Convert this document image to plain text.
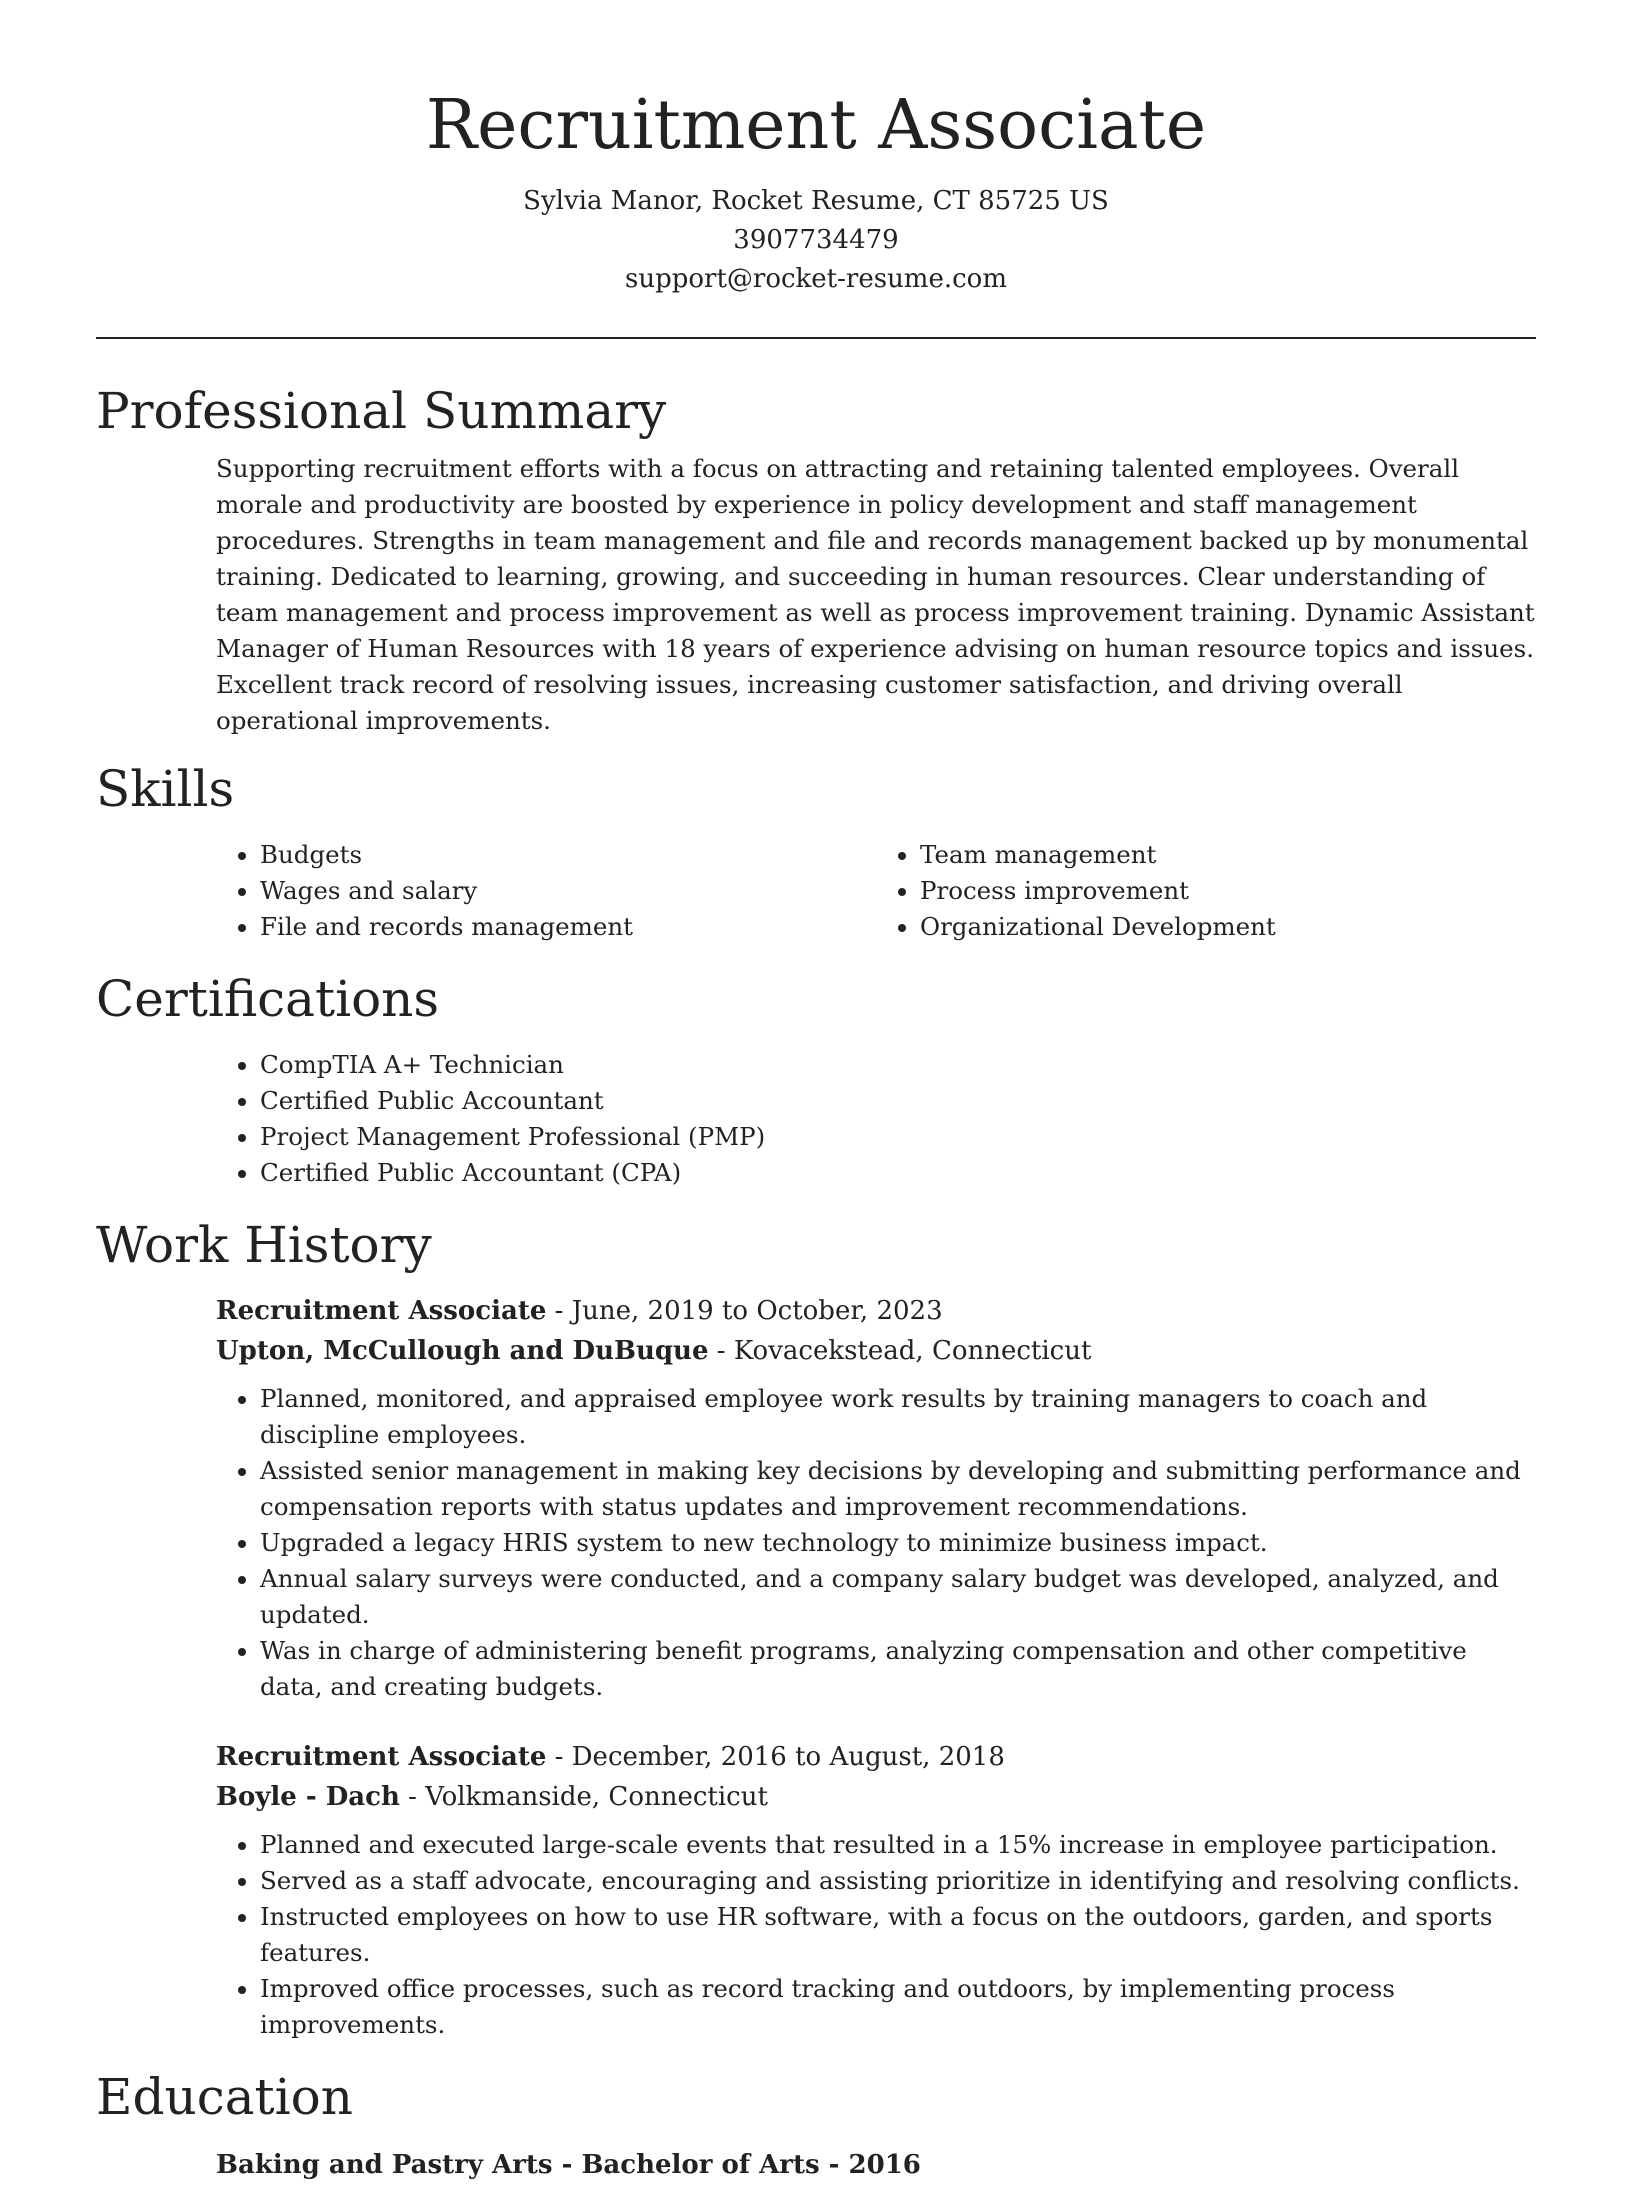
Recruitment Associate
Sylvia Manor, Rocket Resume, CT 85725 US
3907734479
support@rocket-resume.com
Professional Summary
Supporting recruitment efforts with a focus on attracting and retaining talented employees. Overall morale and productivity are boosted by experience in policy development and staff management procedures. Strengths in team management and file and records management backed up by monumental training. Dedicated to learning, growing, and succeeding in human resources. Clear understanding of team management and process improvement as well as process improvement training. Dynamic Assistant Manager of Human Resources with 18 years of experience advising on human resource topics and issues. Excellent track record of resolving issues, increasing customer satisfaction, and driving overall operational improvements.
Skills
• Budgets
• Wages and salary
• File and records management
• Team management
• Process improvement
• Organizational Development
Certifications
• CompTIA A+ Technician
• Certified Public Accountant
• Project Management Professional (PMP)
• Certified Public Accountant (CPA)
Work History
Recruitment Associate - June, 2019 to October, 2023
Upton, McCullough and DuBuque - Kovacekstead, Connecticut
• Planned, monitored, and appraised employee work results by training managers to coach and discipline employees.
• Assisted senior management in making key decisions by developing and submitting performance and compensation reports with status updates and improvement recommendations.
• Upgraded a legacy HRIS system to new technology to minimize business impact.
• Annual salary surveys were conducted, and a company salary budget was developed, analyzed, and updated.
• Was in charge of administering benefit programs, analyzing compensation and other competitive data, and creating budgets.
Recruitment Associate - December, 2016 to August, 2018
Boyle - Dach - Volkmanside, Connecticut
• Planned and executed large-scale events that resulted in a 15% increase in employee participation.
• Served as a staff advocate, encouraging and assisting prioritize in identifying and resolving conflicts.
• Instructed employees on how to use HR software, with a focus on the outdoors, garden, and sports features.
• Improved office processes, such as record tracking and outdoors, by implementing process improvements.
Education
Baking and Pastry Arts - Bachelor of Arts - 2016
